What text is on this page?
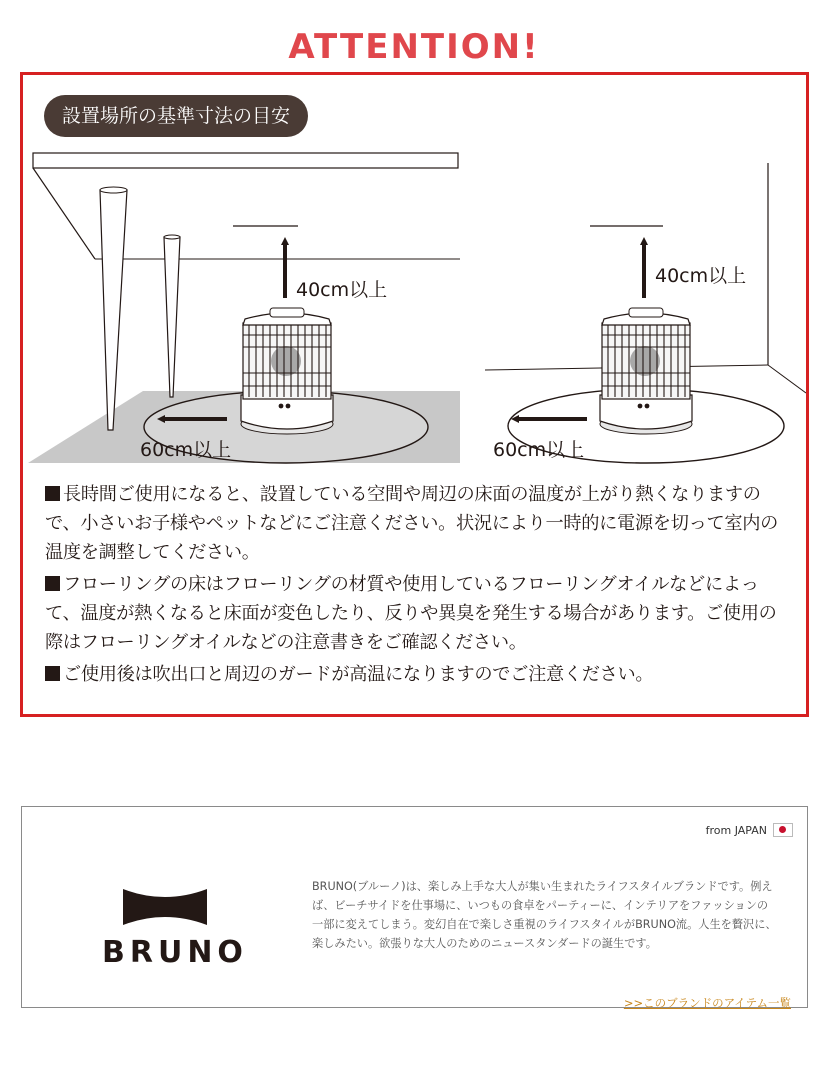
ATTENTION!
設置場所の基準寸法の目安
40cm以上
60cm以上
40cm以上
60cm以上

長時間ご使用になると、設置している空間や周辺の床面の温度が上がり熱くなりますので、小さいお子様やペットなどにご注意ください。状況により一時的に電源を切って室内の温度を調整してください。

フローリングの床はフローリングの材質や使用しているフローリングオイルなどによって、温度が熱くなると床面が変色したり、反りや異臭を発生する場合があります。ご使用の際はフローリングオイルなどの注意書きをご確認ください。

ご使用後は吹出口と周辺のガードが高温になりますのでご注意ください。

from JAPAN
BRUNO
BRUNO(ブルーノ)は、楽しみ上手な大人が集い生まれたライフスタイルブランドです。例えば、ビーチサイドを仕事場に、いつもの食卓をパーティーに、インテリアをファッションの一部に変えてしまう。変幻自在で楽しさ重視のライフスタイルがBRUNO流。人生を贅沢に、楽しみたい。欲張りな大人のためのニュースタンダードの誕生です。
>>このブランドのアイテム一覧
